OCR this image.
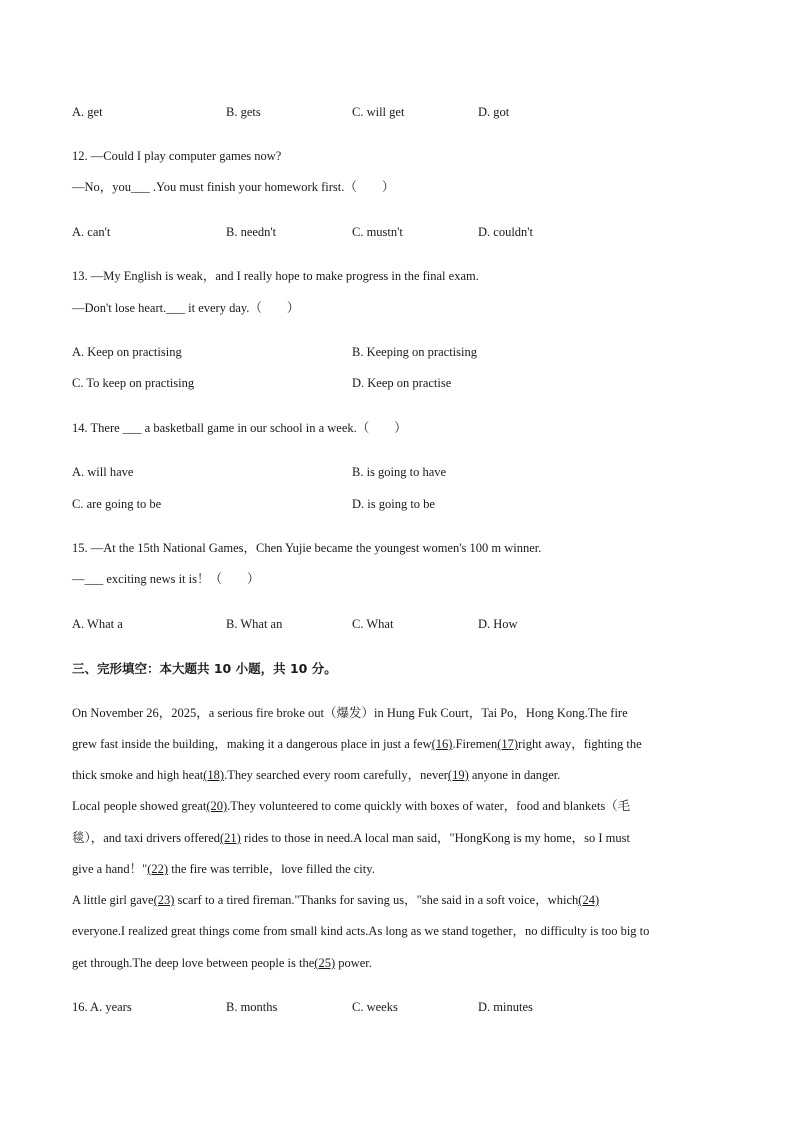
A. get	B. gets	C. will get	D. got
12. —Could I play computer games now?
—No，you___ .You must finish your homework first.（　　）
A. can't	B. needn't	C. mustn't	D. couldn't
13. —My English is weak，and I really hope to make progress in the final exam.
—Don't lose heart.___ it every day.（　　）
A. Keep on practising	B. Keeping on practising
C. To keep on practising	D. Keep on practise
14. There ___ a basketball game in our school in a week.（　　）
A. will have	B. is going to have
C. are going to be	D. is going to be
15. —At the 15th National Games，Chen Yujie became the youngest women's 100 m winner.
—___ exciting news it is！（　　）
A. What a	B. What an	C. What	D. How
三、完形填空：本大题共 10 小题，共 10 分。
On November 26，2025，a serious fire broke out（爆发）in Hung Fuk Court，Tai Po，Hong Kong.The fire
grew fast inside the building，making it a dangerous place in just a few(16).Firemen(17)right away，fighting the
thick smoke and high heat(18).They searched every room carefully，never(19) anyone in danger.
Local people showed great(20).They volunteered to come quickly with boxes of water，food and blankets（毛
毯），and taxi drivers offered(21) rides to those in need.A local man said，"HongKong is my home，so I must
give a hand！"(22) the fire was terrible，love filled the city.
A little girl gave(23) scarf to a tired fireman."Thanks for saving us，"she said in a soft voice，which(24)
everyone.I realized great things come from small kind acts.As long as we stand together，no difficulty is too big to
get through.The deep love between people is the(25) power.
16. A. years	B. months	C. weeks	D. minutes
